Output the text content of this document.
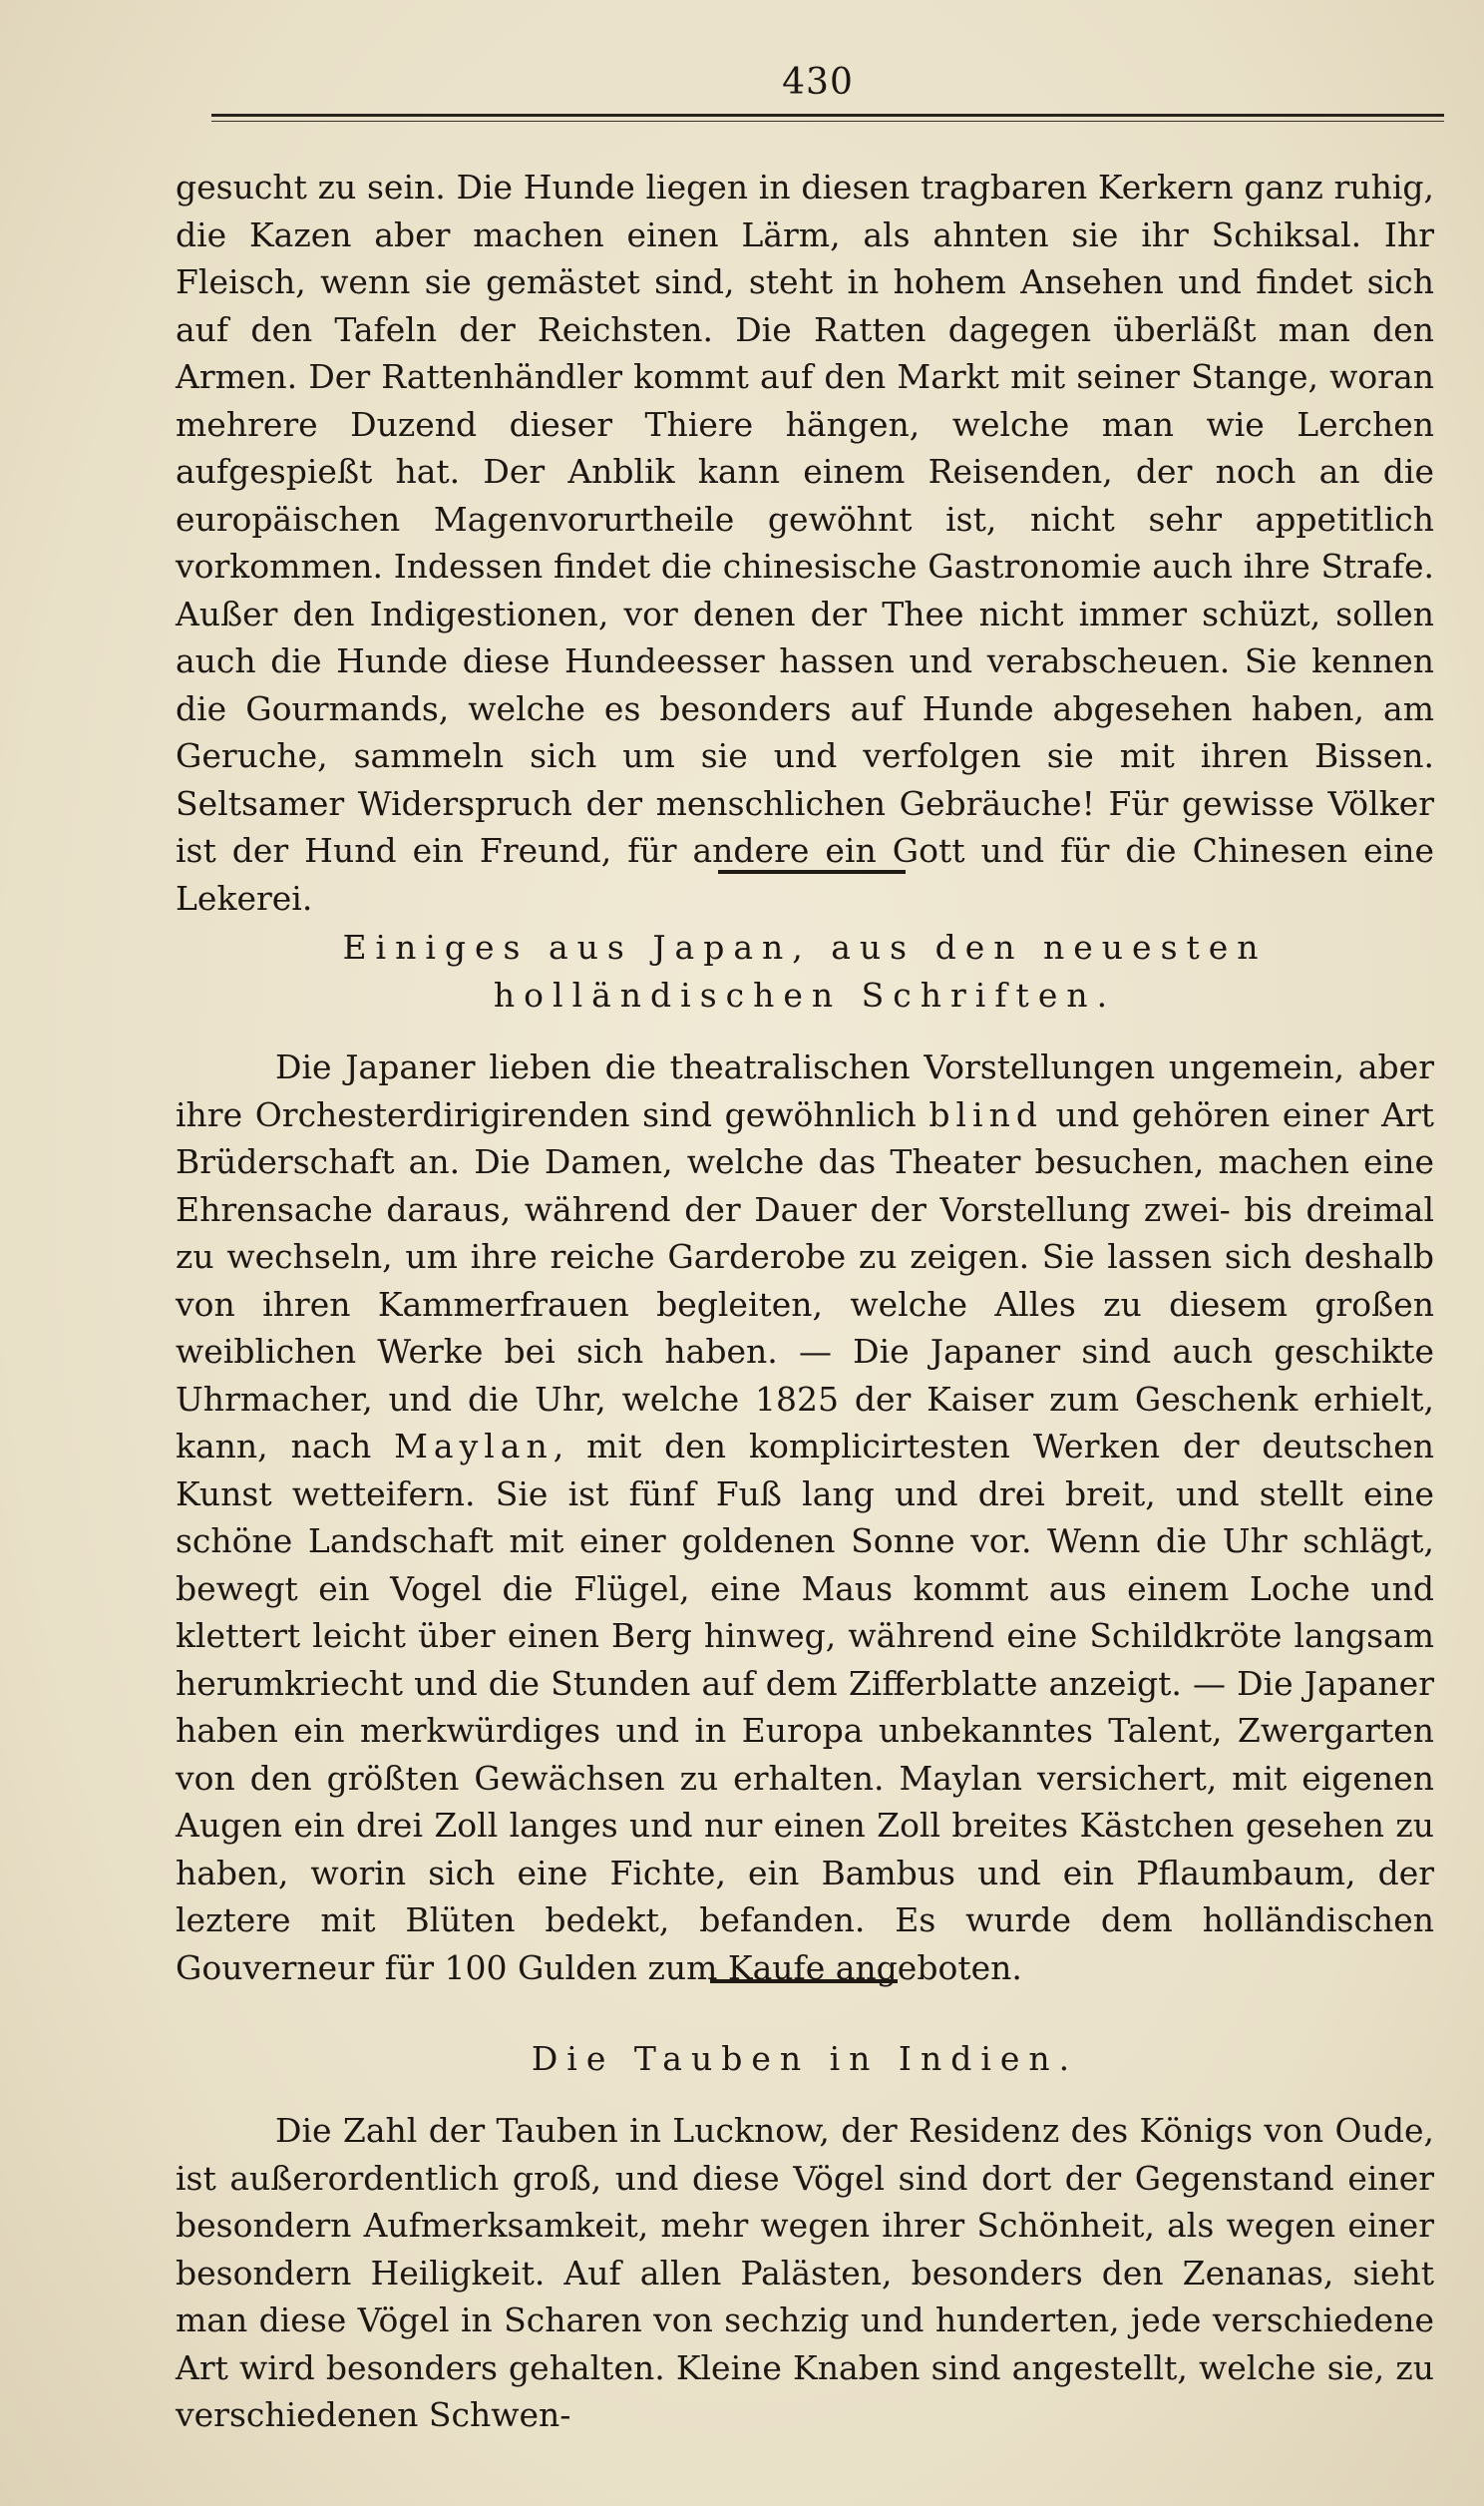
430

gesucht zu sein. Die Hunde liegen in diesen tragbaren Kerkern ganz ruhig, die Kazen aber machen einen Lärm, als ahnten sie ihr Schiksal. Ihr Fleisch, wenn sie gemästet sind, steht in hohem Ansehen und findet sich auf den Tafeln der Reichsten. Die Ratten dagegen überläßt man den Armen. Der Rattenhändler kommt auf den Markt mit seiner Stange, woran mehrere Duzend dieser Thiere hängen, welche man wie Lerchen aufgespießt hat. Der Anblik kann einem Reisenden, der noch an die europäischen Magenvorurtheile gewöhnt ist, nicht sehr appetitlich vorkommen. Indessen findet die chinesische Gastronomie auch ihre Strafe. Außer den Indigestionen, vor denen der Thee nicht immer schüzt, sollen auch die Hunde diese Hundeesser hassen und verabscheuen. Sie kennen die Gourmands, welche es besonders auf Hunde abgesehen haben, am Geruche, sammeln sich um sie und verfolgen sie mit ihren Bissen. Seltsamer Widerspruch der menschlichen Gebräuche! Für gewisse Völker ist der Hund ein Freund, für andere ein Gott und für die Chinesen eine Lekerei.

Einiges aus Japan, aus den neuesten holländischen Schriften.

Die Japaner lieben die theatralischen Vorstellungen ungemein, aber ihre Orchesterdirigirenden sind gewöhnlich blind und gehören einer Art Brüderschaft an. Die Damen, welche das Theater besuchen, machen eine Ehrensache daraus, während der Dauer der Vorstellung zwei- bis dreimal zu wechseln, um ihre reiche Garderobe zu zeigen. Sie lassen sich deshalb von ihren Kammerfrauen begleiten, welche Alles zu diesem großen weiblichen Werke bei sich haben. — Die Japaner sind auch geschikte Uhrmacher, und die Uhr, welche 1825 der Kaiser zum Geschenk erhielt, kann, nach Maylan, mit den komplicirtesten Werken der deutschen Kunst wetteifern. Sie ist fünf Fuß lang und drei breit, und stellt eine schöne Landschaft mit einer goldenen Sonne vor. Wenn die Uhr schlägt, bewegt ein Vogel die Flügel, eine Maus kommt aus einem Loche und klettert leicht über einen Berg hinweg, während eine Schildkröte langsam herumkriecht und die Stunden auf dem Zifferblatte anzeigt. — Die Japaner haben ein merkwürdiges und in Europa unbekanntes Talent, Zwergarten von den größten Gewächsen zu erhalten. Maylan versichert, mit eigenen Augen ein drei Zoll langes und nur einen Zoll breites Kästchen gesehen zu haben, worin sich eine Fichte, ein Bambus und ein Pflaumbaum, der leztere mit Blüten bedekt, befanden. Es wurde dem holländischen Gouverneur für 100 Gulden zum Kaufe angeboten.

Die Tauben in Indien.

Die Zahl der Tauben in Lucknow, der Residenz des Königs von Oude, ist außerordentlich groß, und diese Vögel sind dort der Gegenstand einer besondern Aufmerksamkeit, mehr wegen ihrer Schönheit, als wegen einer besondern Heiligkeit. Auf allen Palästen, besonders den Zenanas, sieht man diese Vögel in Scharen von sechzig und hunderten, jede verschiedene Art wird besonders gehalten. Kleine Knaben sind angestellt, welche sie, zu verschiedenen Schwen-
